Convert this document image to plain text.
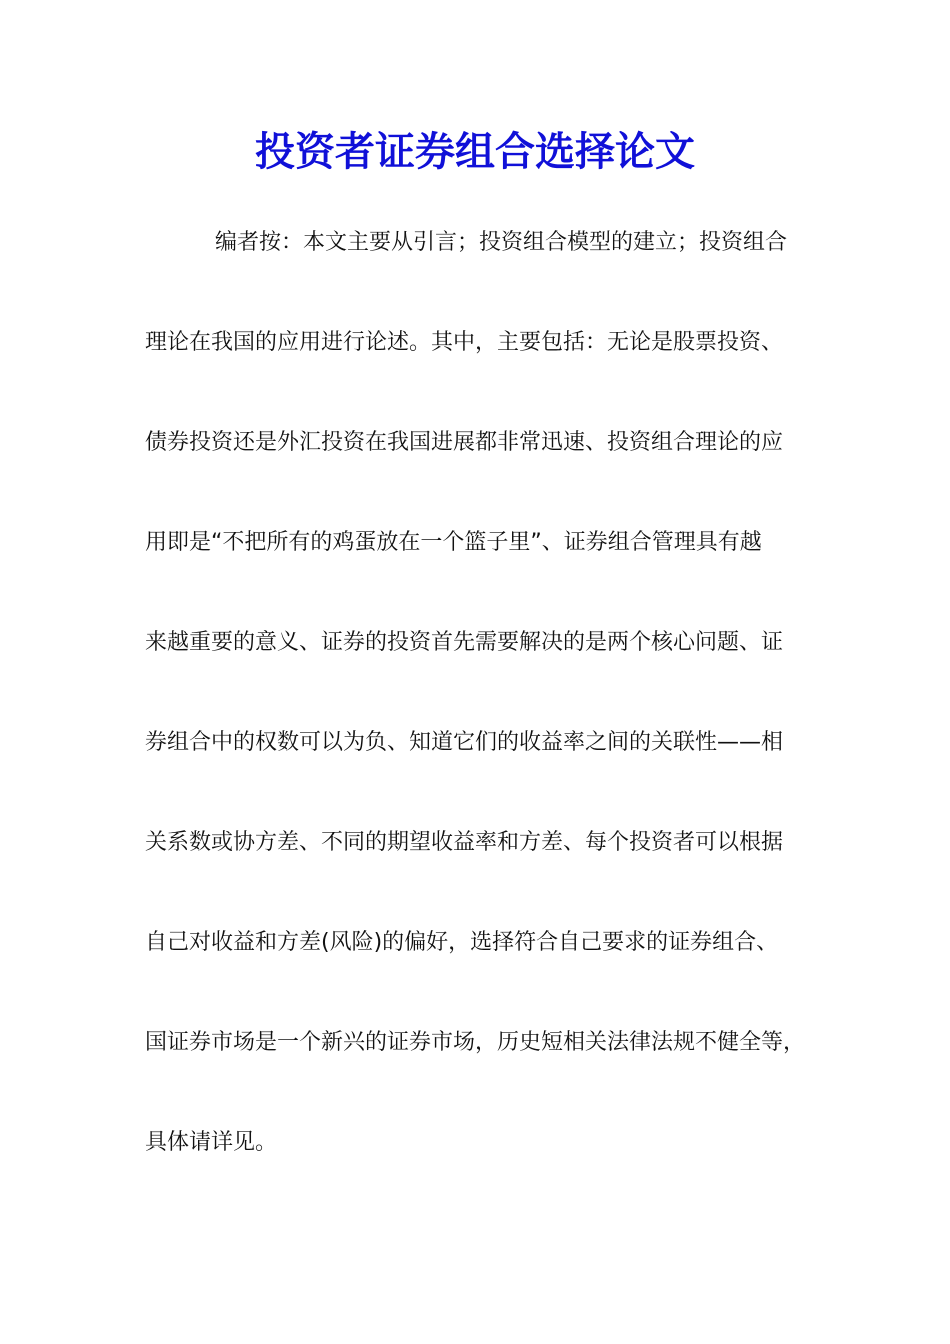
投资者证券组合选择论文
编者按：本文主要从引言；投资组合模型的建立；投资组合
理论在我国的应用进行论述。其中，主要包括：无论是股票投资、
债券投资还是外汇投资在我国进展都非常迅速、投资组合理论的应
用即是“不把所有的鸡蛋放在一个篮子里”、证券组合管理具有越
来越重要的意义、证券的投资首先需要解决的是两个核心问题、证
券组合中的权数可以为负、知道它们的收益率之间的关联性——相
关系数或协方差、不同的期望收益率和方差、每个投资者可以根据
自己对收益和方差(风险)的偏好，选择符合自己要求的证券组合、
国证券市场是一个新兴的证券市场，历史短相关法律法规不健全等，
具体请详见。
